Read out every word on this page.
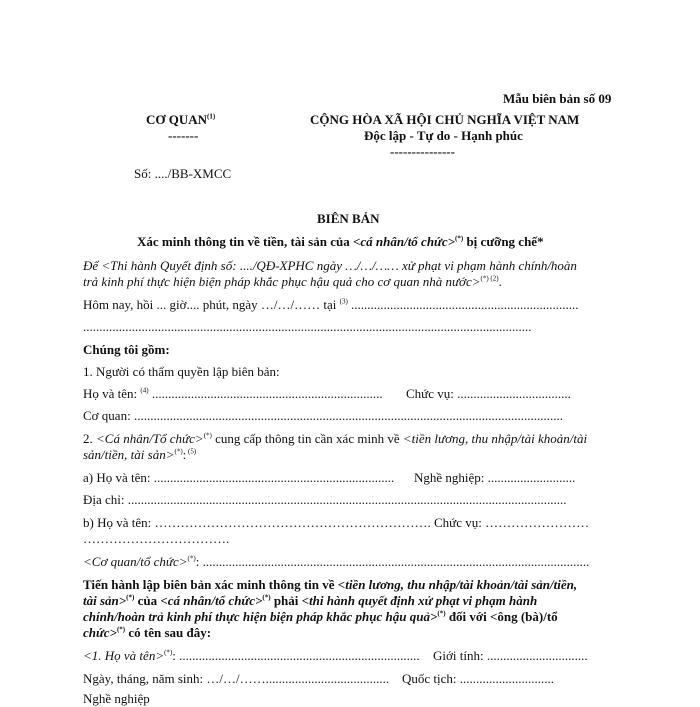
Mẫu biên bản số 09
CƠ QUAN$^{(1)}$
-------
CỘNG HÒA XÃ HỘI CHỦ NGHĨA VIỆT NAM
Độc lập - Tự do - Hạnh phúc
---------------
Số: ..../BB-XMCC
BIÊN BẢN
Xác minh thông tin về tiền, tài sản của <cá nhân/tổ chức>(*) bị cưỡng chế*
Để <Thi hành Quyết định số: ..../QĐ-XPHC ngày …/…/…… xử phạt vi phạm hành chính/hoàn
trả kinh phí thực hiện biện pháp khắc phục hậu quả cho cơ quan nhà nước>$^{(*) (2)}$.
Hôm nay, hồi ... giờ.... phút, ngày …/…/…… tại $^{(3)}$ ......................................................................
..........................................................................................................................................
Chúng tôi gồm:
1. Người có thẩm quyền lập biên bản:
Họ và tên: $^{(4)}$ ....................................................................... Chức vụ: ...................................
Cơ quan: ....................................................................................................................................
2. <Cá nhân/Tổ chức>(*) cung cấp thông tin cần xác minh về <tiền lương, thu nhập/tài khoản/tài
sản/tiền, tài sản>(*): $^{(5)}$
a) Họ và tên: .......................................................................... Nghề nghiệp: ...........................
Địa chỉ: .......................................................................................................................................
b) Họ và tên: ………………………………………………………. Chức vụ: ……………………
…………………………….
<Cơ quan/tổ chức>(*): .......................................................................................................................
Tiến hành lập biên bản xác minh thông tin về <tiền lương, thu nhập/tài khoản/tài sản/tiền,
tài sản>(*) của <cá nhân/tổ chức>(*) phải <thi hành quyết định xử phạt vi phạm hành
chính/hoàn trả kinh phí thực hiện biện pháp khắc phục hậu quả>(*) đối với <ông (bà)/tổ
chức>(*) có tên sau đây:
<1. Họ và tên>(*): .......................................................................... Giới tính: ...............................
Ngày, tháng, năm sinh: …/…/……...................................... Quốc tịch: .............................
Nghề nghiệp
